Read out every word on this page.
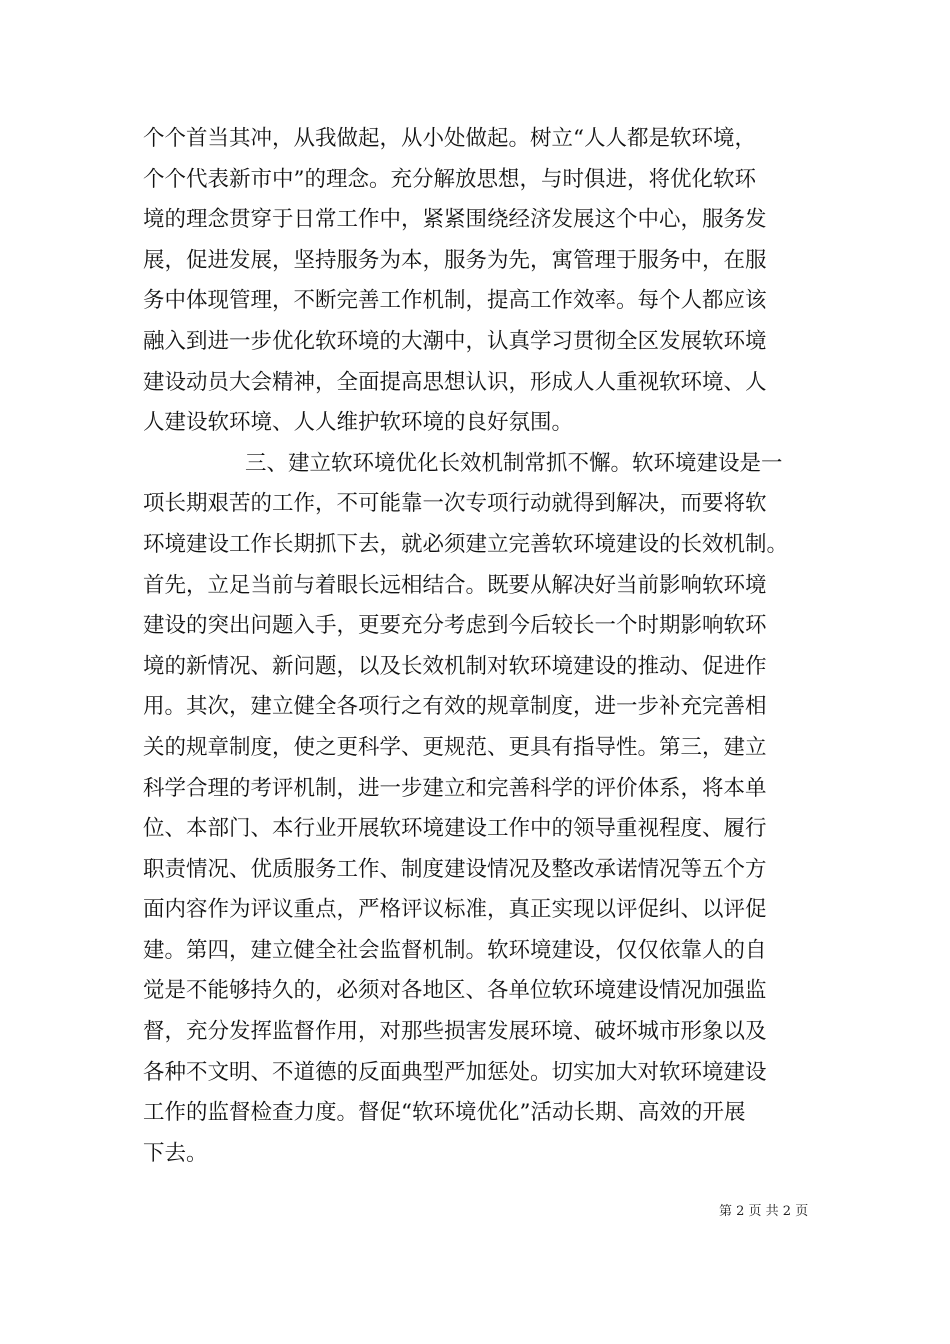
个个首当其冲，从我做起，从小处做起。树立“人人都是软环境，
个个代表新市中”的理念。充分解放思想，与时俱进，将优化软环
境的理念贯穿于日常工作中，紧紧围绕经济发展这个中心，服务发
展，促进发展，坚持服务为本，服务为先，寓管理于服务中，在服
务中体现管理，不断完善工作机制，提高工作效率。每个人都应该
融入到进一步优化软环境的大潮中，认真学习贯彻全区发展软环境
建设动员大会精神，全面提高思想认识，形成人人重视软环境、人
人建设软环境、人人维护软环境的良好氛围。
三、建立软环境优化长效机制常抓不懈。软环境建设是一
项长期艰苦的工作，不可能靠一次专项行动就得到解决，而要将软
环境建设工作长期抓下去，就必须建立完善软环境建设的长效机制。
首先，立足当前与着眼长远相结合。既要从解决好当前影响软环境
建设的突出问题入手，更要充分考虑到今后较长一个时期影响软环
境的新情况、新问题，以及长效机制对软环境建设的推动、促进作
用。其次，建立健全各项行之有效的规章制度，进一步补充完善相
关的规章制度，使之更科学、更规范、更具有指导性。第三，建立
科学合理的考评机制，进一步建立和完善科学的评价体系，将本单
位、本部门、本行业开展软环境建设工作中的领导重视程度、履行
职责情况、优质服务工作、制度建设情况及整改承诺情况等五个方
面内容作为评议重点，严格评议标准，真正实现以评促纠、以评促
建。第四，建立健全社会监督机制。软环境建设，仅仅依靠人的自
觉是不能够持久的，必须对各地区、各单位软环境建设情况加强监
督，充分发挥监督作用，对那些损害发展环境、破坏城市形象以及
各种不文明、不道德的反面典型严加惩处。切实加大对软环境建设
工作的监督检查力度。督促“软环境优化”活动长期、高效的开展
下去。
第 2 页 共 2 页
